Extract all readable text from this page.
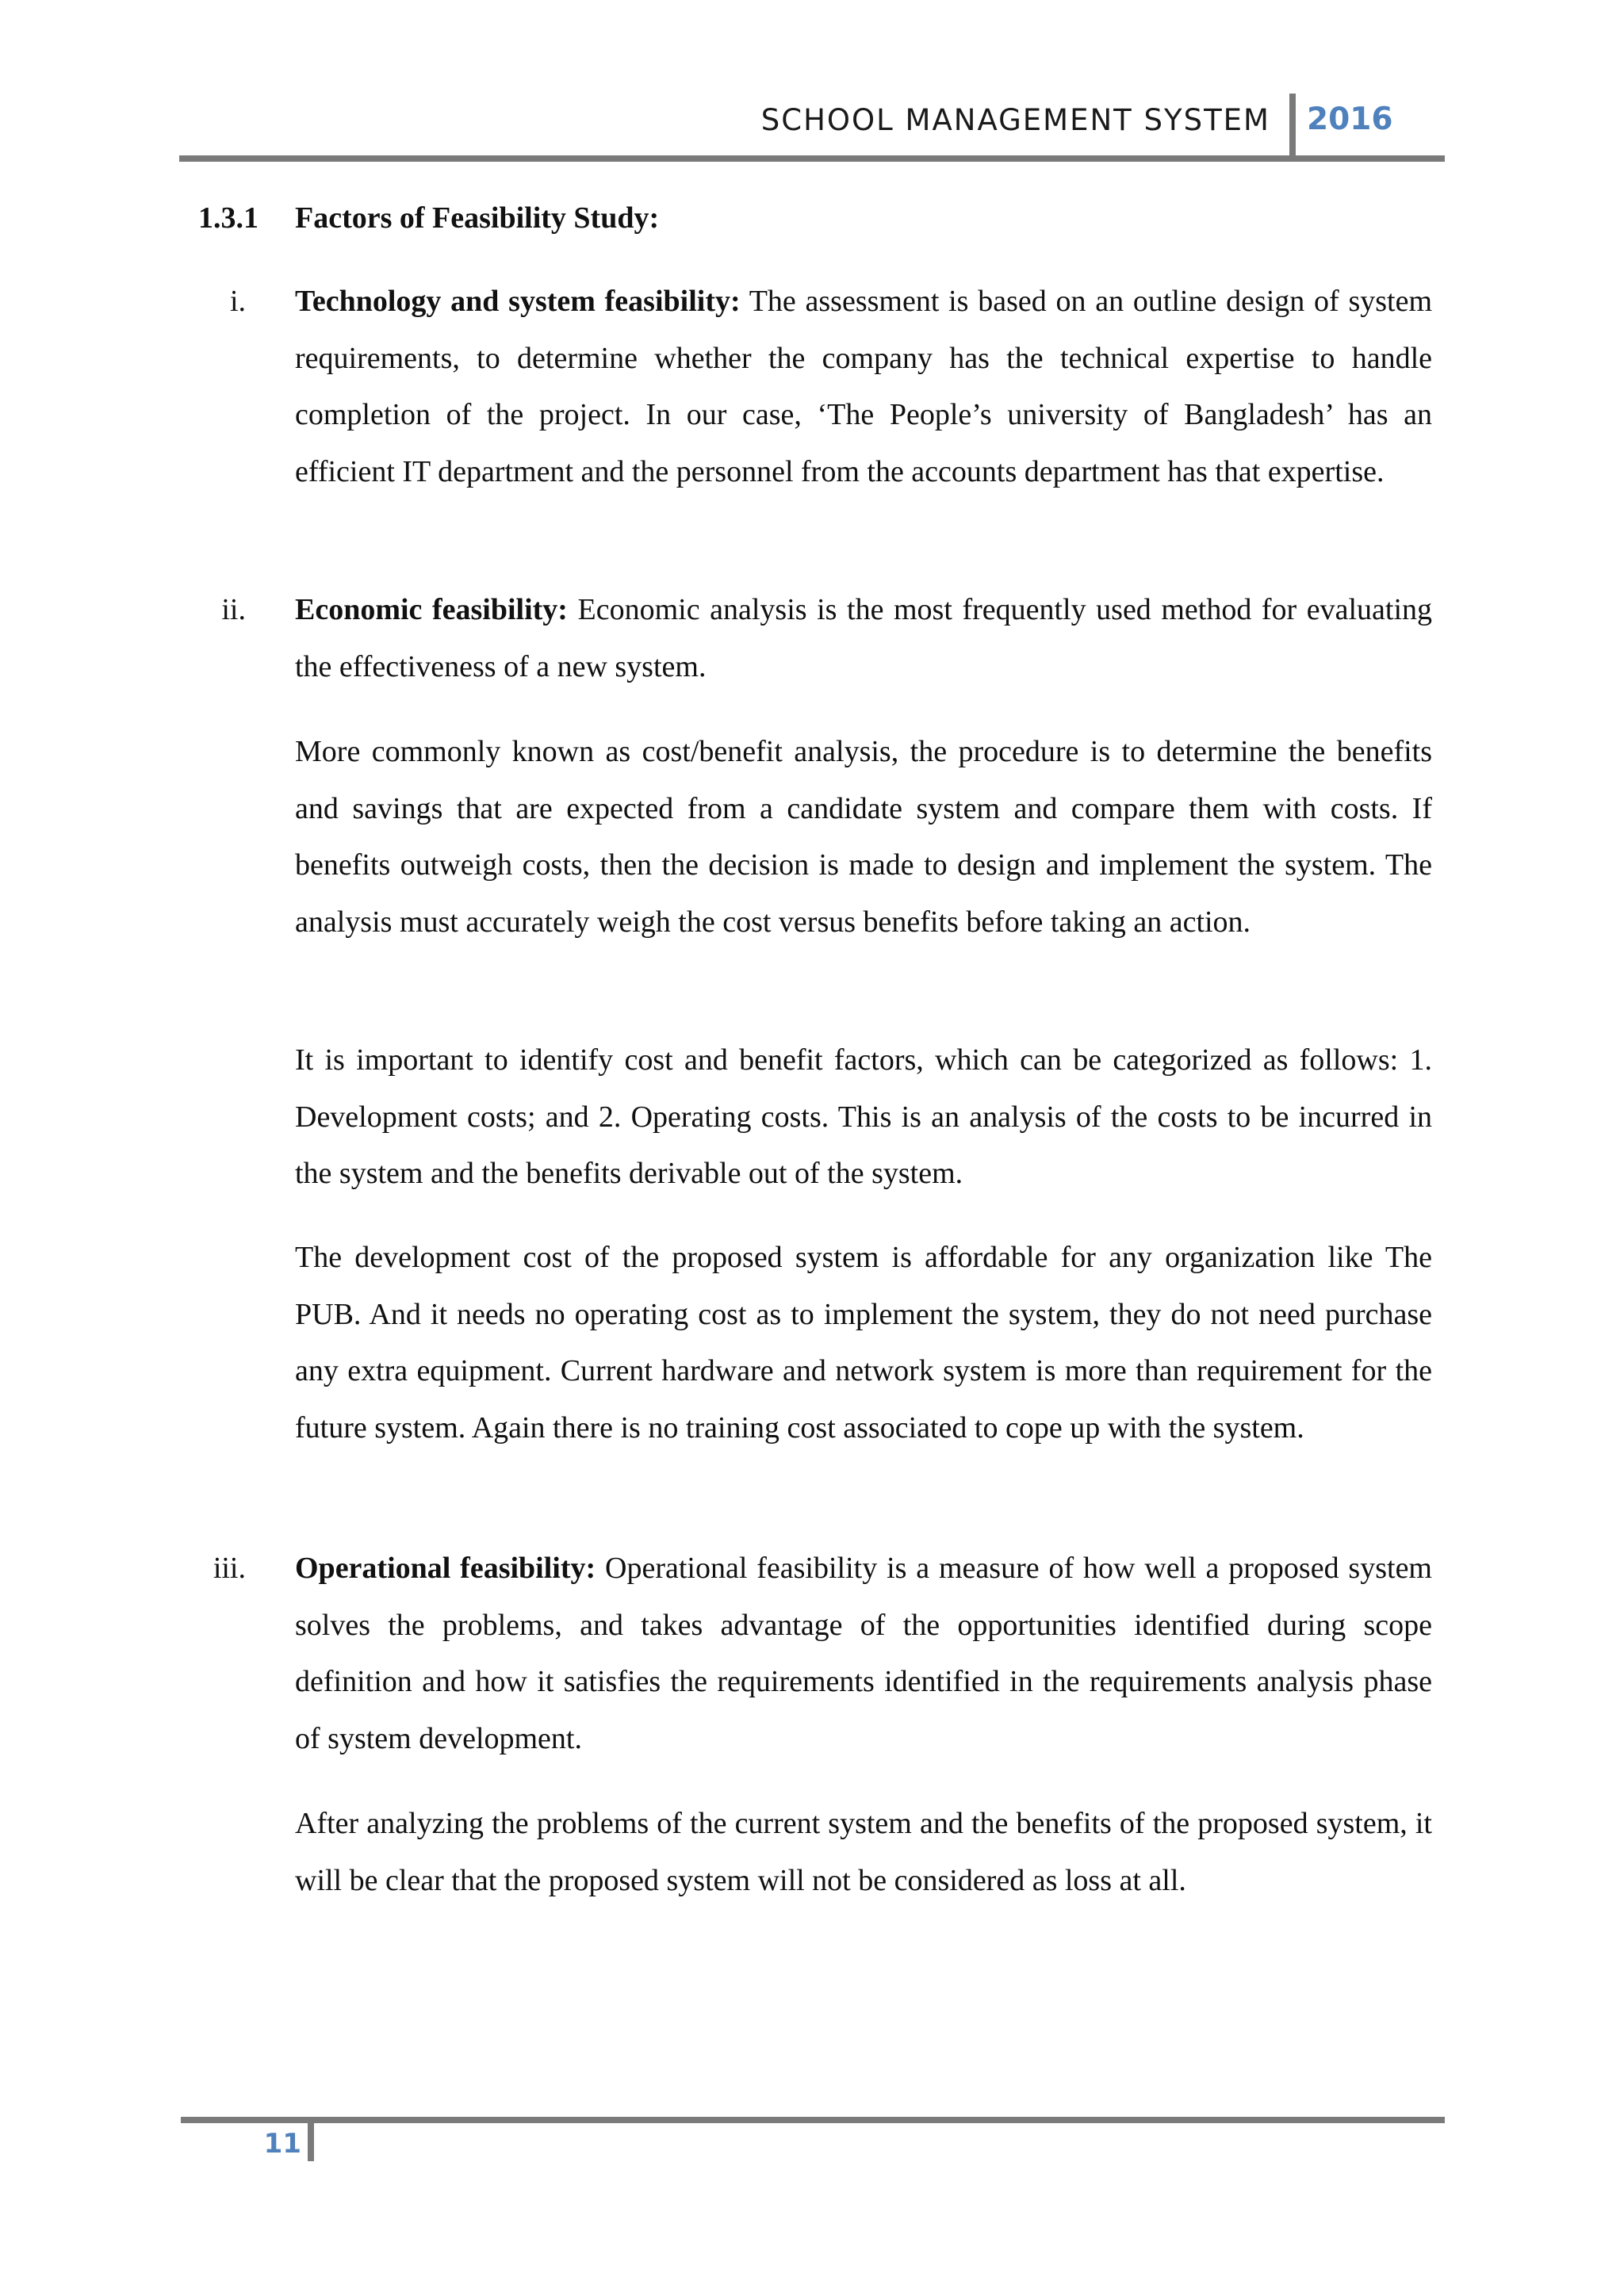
SCHOOL MANAGEMENT SYSTEM 2016
1.3.1 Factors of Feasibility Study:
i. Technology and system feasibility: The assessment is based on an outline design of system requirements, to determine whether the company has the technical expertise to handle completion of the project. In our case, ‘The People’s university of Bangladesh’ has an efficient IT department and the personnel from the accounts department has that expertise.

ii. Economic feasibility: Economic analysis is the most frequently used method for evaluating the effectiveness of a new system.

More commonly known as cost/benefit analysis, the procedure is to determine the benefits and savings that are expected from a candidate system and compare them with costs. If benefits outweigh costs, then the decision is made to design and implement the system. The analysis must accurately weigh the cost versus benefits before taking an action.

It is important to identify cost and benefit factors, which can be categorized as follows: 1. Development costs; and 2. Operating costs. This is an analysis of the costs to be incurred in the system and the benefits derivable out of the system.

The development cost of the proposed system is affordable for any organization like The PUB. And it needs no operating cost as to implement the system, they do not need purchase any extra equipment. Current hardware and network system is more than requirement for the future system. Again there is no training cost associated to cope up with the system.

iii. Operational feasibility: Operational feasibility is a measure of how well a proposed system solves the problems, and takes advantage of the opportunities identified during scope definition and how it satisfies the requirements identified in the requirements analysis phase of system development.

After analyzing the problems of the current system and the benefits of the proposed system, it will be clear that the proposed system will not be considered as loss at all.

11
